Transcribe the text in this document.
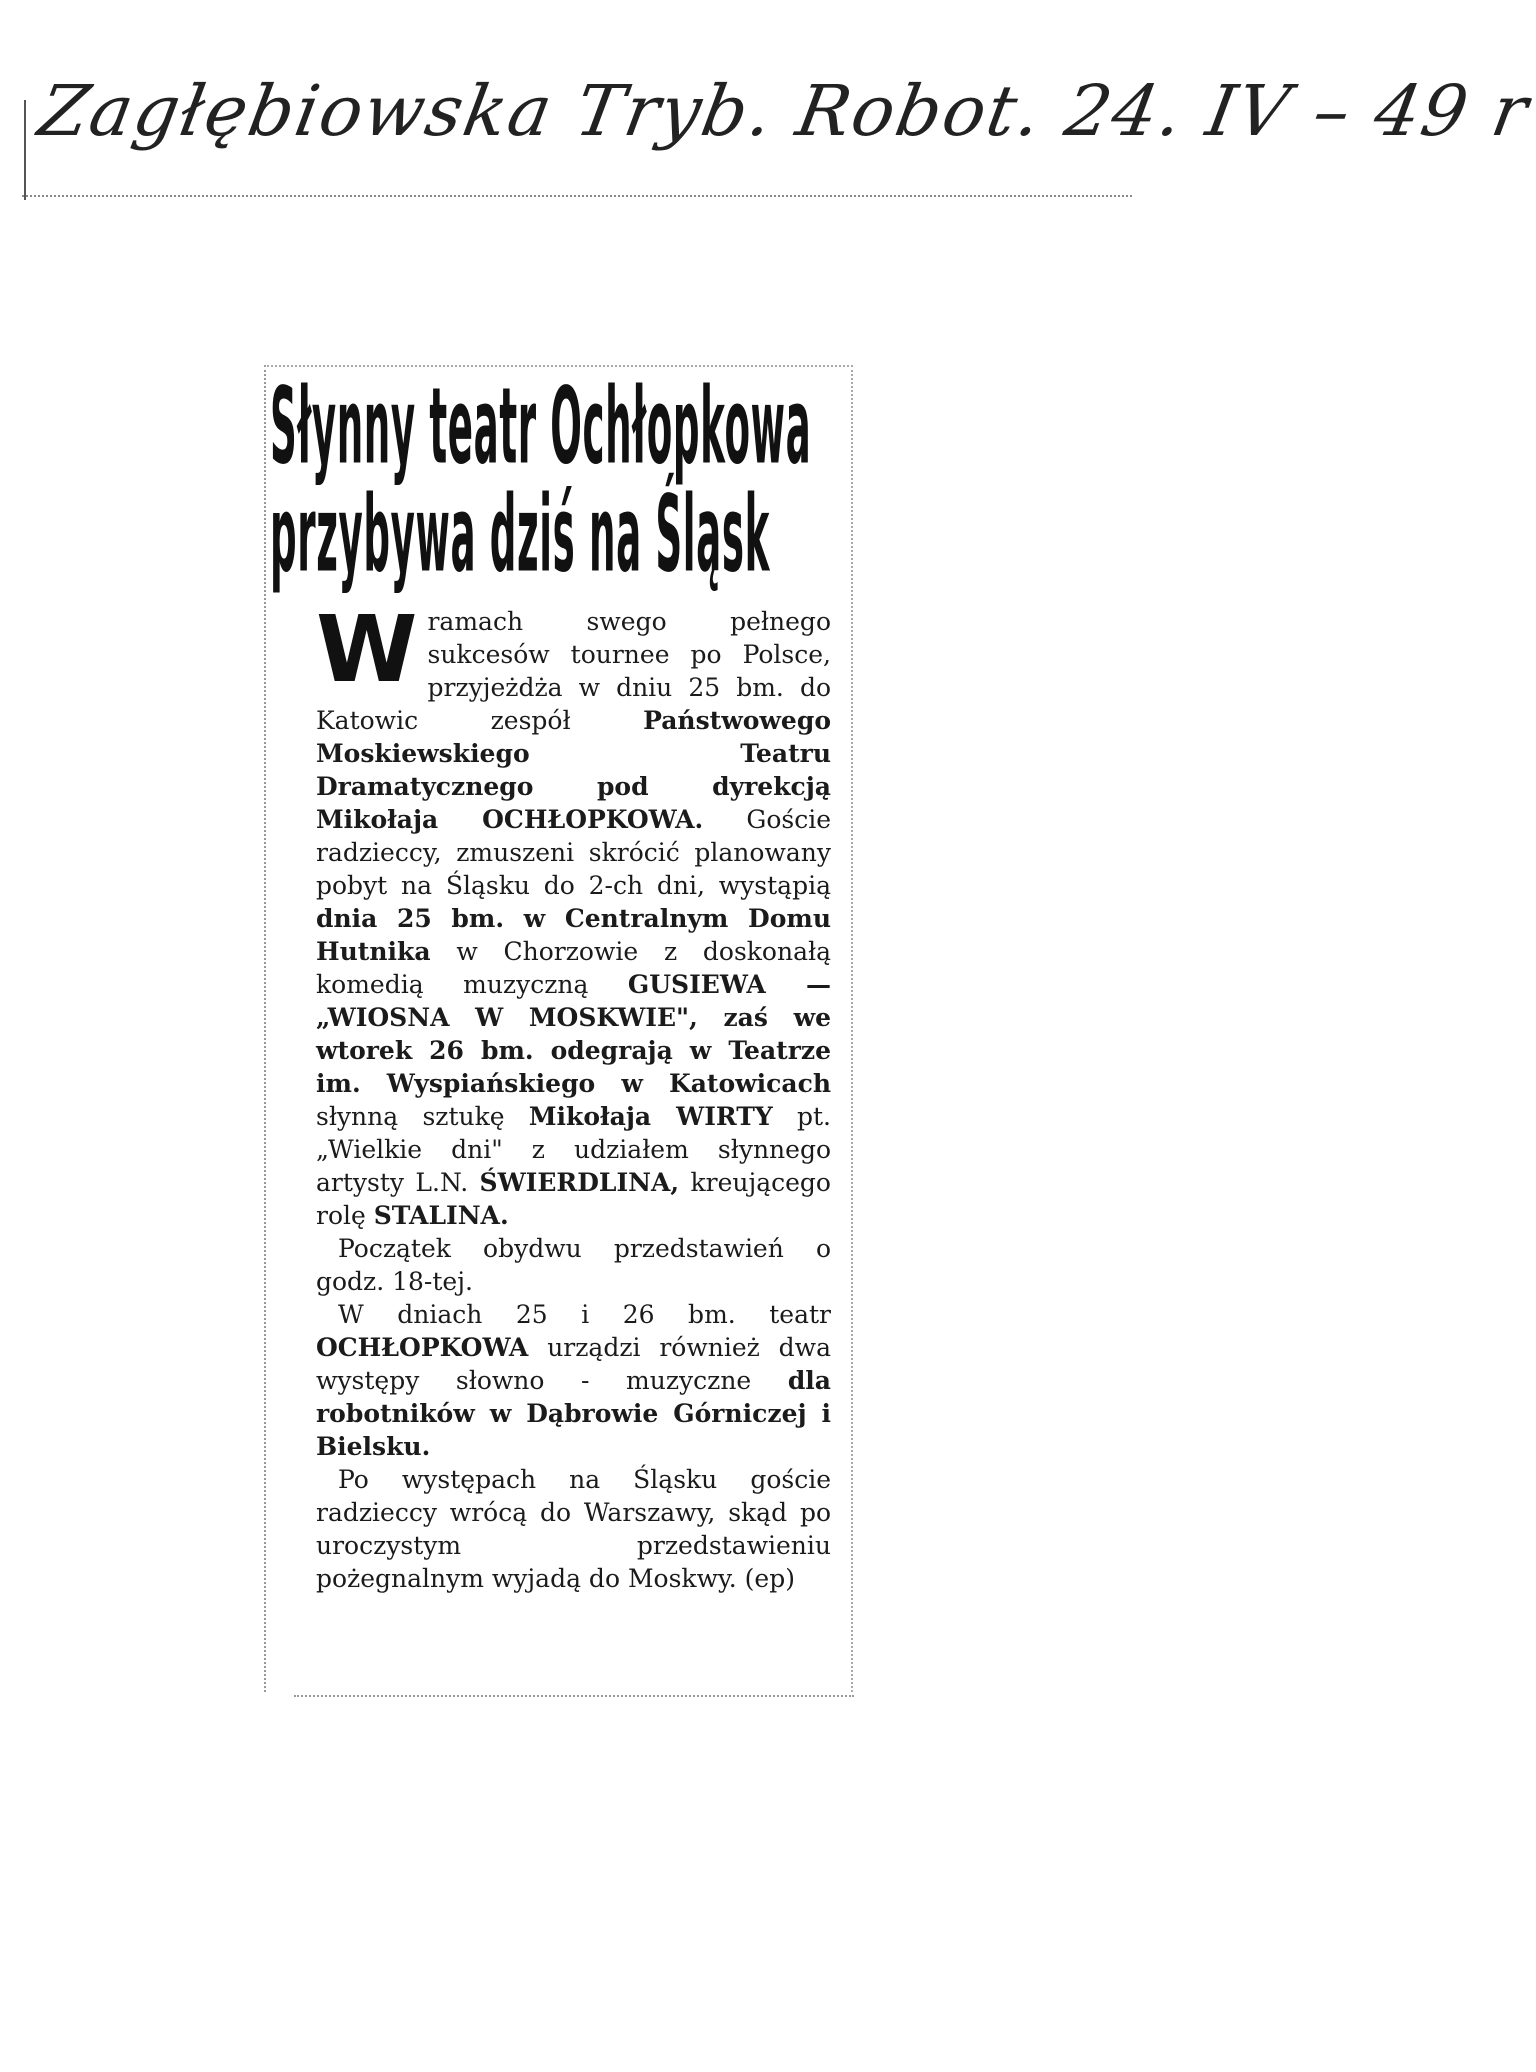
Zagłębiowska Tryb. Robot. 24. IV – 49 r
Słynny teatr Ochłopkowa
przybywa dziś na Śląsk

Wramach swego pełnego sukcesów tournee po Polsce, przyjeżdża w dniu 25 bm. do Katowic zespół Państwowego Moskiewskiego Teatru Dramatycznego pod dyrekcją Mikołaja OCHŁOPKOWA. Goście radzieccy, zmuszeni skrócić planowany pobyt na Śląsku do 2-ch dni, wystąpią dnia 25 bm. w Centralnym Domu Hutnika w Chorzowie z doskonałą komedią muzyczną GUSIEWA — „WIOSNA W MOSKWIE", zaś we wtorek 26 bm. odegrają w Teatrze im. Wyspiańskiego w Katowicach słynną sztukę Mikołaja WIRTY pt. „Wielkie dni" z udziałem słynnego artysty L.N. ŚWIERDLINA, kreującego rolę STALINA.

Początek obydwu przedstawień o godz. 18-tej.

W dniach 25 i 26 bm. teatr OCHŁOPKOWA urządzi również dwa występy słowno - muzyczne dla robotników w Dąbrowie Górniczej i Bielsku.

Po występach na Śląsku goście radzieccy wrócą do Warszawy, skąd po uroczystym przedstawieniu pożegnalnym wyjadą do Moskwy. (ep)
